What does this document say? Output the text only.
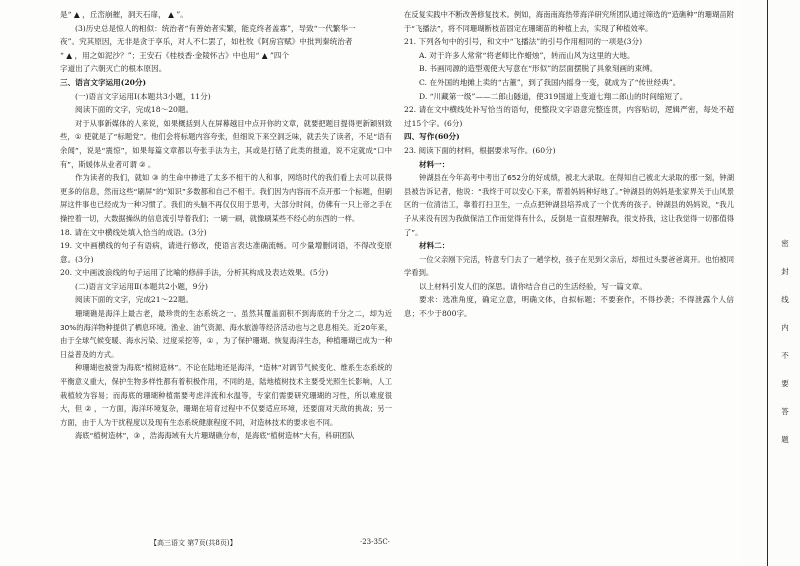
是“ ▲ ，丘峦崩摧，洞天石扉， ▲ ”。

(3)历史总是惊人的相似：统治者“有善始者实繁，能克终者盖寡”，导致“一代繁华一

夜”。究其原因，无非是贪于享乐，对人不仁罢了，如杜牧《阿房宫赋》中批判秦统治者

“ ▲ ，用之如泥沙？”；王安石《桂枝香·金陵怀古》中也用“ ▲ ”四个

字道出了六朝灭亡的根本原因。

三、语言文字运用(20分)

(一)语言文字运用Ⅰ(本题共3小题，11分)

阅读下面的文字，完成18～20题。

对于从事新媒体的人来说，如果概括到人在屏幕越目中点开你的文章，就要把题目提得更新颖别致些，① 使就是了“标题党”。他们会将标题内容夸张，但细说下来空洞乏味，就丢失了读者，不足“语有余闻”，说是“震惊”，如果每篇文章都以夸张手法为主，其或是打错了此类的报道，说不定就成“口中有”，斯媛体从业者可谓 ② 。

作为读者的我们，就如 ③ 的生命中掺进了太多不相干的人和事，网络时代的我们看上去可以获得更多的信息，然而这些“刷屏”的“知识”多数都和自己不相干。我们因为内容而不点开那一个标题，但刷屏这件事也已经成为一种习惯了。我们的头脑不再仅仅用于思考，大部分时间，仿佛有一只上帝之手在操控着一切，大数据操纵的信息流引导着我们；一刷一刷，就像刷某些不经心的东西的一样。

18. 请在文中横线处填入恰当的成语。(3分)

19. 文中画横线的句子有语病，请进行修改，使语言表达准确流畅。可少量增删词语，不得改变原意。(3分)

20. 文中画波浪线的句子运用了比喻的修辞手法，分析其构成及表达效果。(5分)

(二)语言文字运用Ⅱ(本题共2小题，9分)

阅读下面的文字，完成21～22题。

珊瑚礁是海洋上最古老，最珍贵的生态系统之一。虽然其覆盖面积不到海底的千分之二，却为近30%的海洋物种提供了栖息环境。渔业、油气资源、海水旅游等经济活动也与之息息相关。近20年来，由于全球气候变暖、海水污染、过度采挖等，① ，为了保护珊瑚、恢复海洋生态，种植珊瑚已成为一种日益普及的方式。

种珊瑚也被誉为海底“植树造林”。不论在陆地还是海洋，“造林”对调节气候变化、维系生态系统的平衡意义重大，保护生物多样性都有着积极作用，不同的是，陆地植树技术主要受光照生长影响，人工栽植较为容易；而海底的珊瑚种植需要考虑洋流和水温等，专家们需要研究珊瑚的习性，所以难度很大，但 ② ，一方面，海洋环境复杂，珊瑚在培育过程中不仅要适应环境，还要面对天敌的挑战；另一方面，由于人为干扰程度以及现有生态系统健康程度不同，对造林技术的要求也不同。

海底“植树造林”，③ ，浩海海域有大片珊瑚礁分布，是海底“植树造林”大有，科研团队

在反复实践中不断改善修复技术。例如，海南南海热带海洋研究所团队通过筛选的“造礁种”的珊瑚苗附于“飞播法”，将不同珊瑚断枝苗固定在珊瑚苗的种植上去，实现了种植效率。

21. 下列各句中的引号，和文中“飞播法”的引号作用相同的一项是(3分)

A. 对于许多人常常“将老师比作蜡烛”，转而山风为这里的大地。

B. 书画同源的造型观使大写意在“形似”的层面摆脱了具象刻画的束缚。

C. 在外国的地摊上卖的“古董”，到了我国内摇身一变，就成为了“传世经典”。

D. “川藏第一级”——二郎山隧道，使319国道上变道七翔二郎山的时间缩短了。

22. 请在文中横线处补写恰当的语句，使整段文字语意完整连贯，内容贴切，逻辑严密，每处不超过15个字。(6分)

四、写作(60分)

23. 阅读下面的材料，根据要求写作。(60分)

材料一：

钟湖县在今年高考中考出了652分的好成绩，被北大录取。在得知自己被北大录取的那一刻，钟湖县被告诉记者，他说：“我终于可以安心下来，帮着妈妈种好地了。”钟湖县的妈妈是张家界关于山风景区的一位清洁工，靠着打扫卫生，一点点把钟湖县培养成了一个优秀的孩子。钟湖县的妈妈说，“我儿子从来没有因为我做保洁工作而觉得有什么，反倒是一直很理解我，很支持我，这让我觉得一切都值得了”。

材料二：

一位父亲刚下完活，特意专门去了一趟学校，孩子在见到父亲后，却扭过头要爸爸离开。也怕被同学看到。

以上材料引发人们的深思。请你结合自己的生活经验，写一篇文章。

要求：选准角度，确定立意，明确文体，自拟标题；不要套作，不得抄袭；不得泄露个人信息；不少于800字。

【高三语文 第7页(共8页)】	·23-35C·
密
封
线
内
不
要
答
题
